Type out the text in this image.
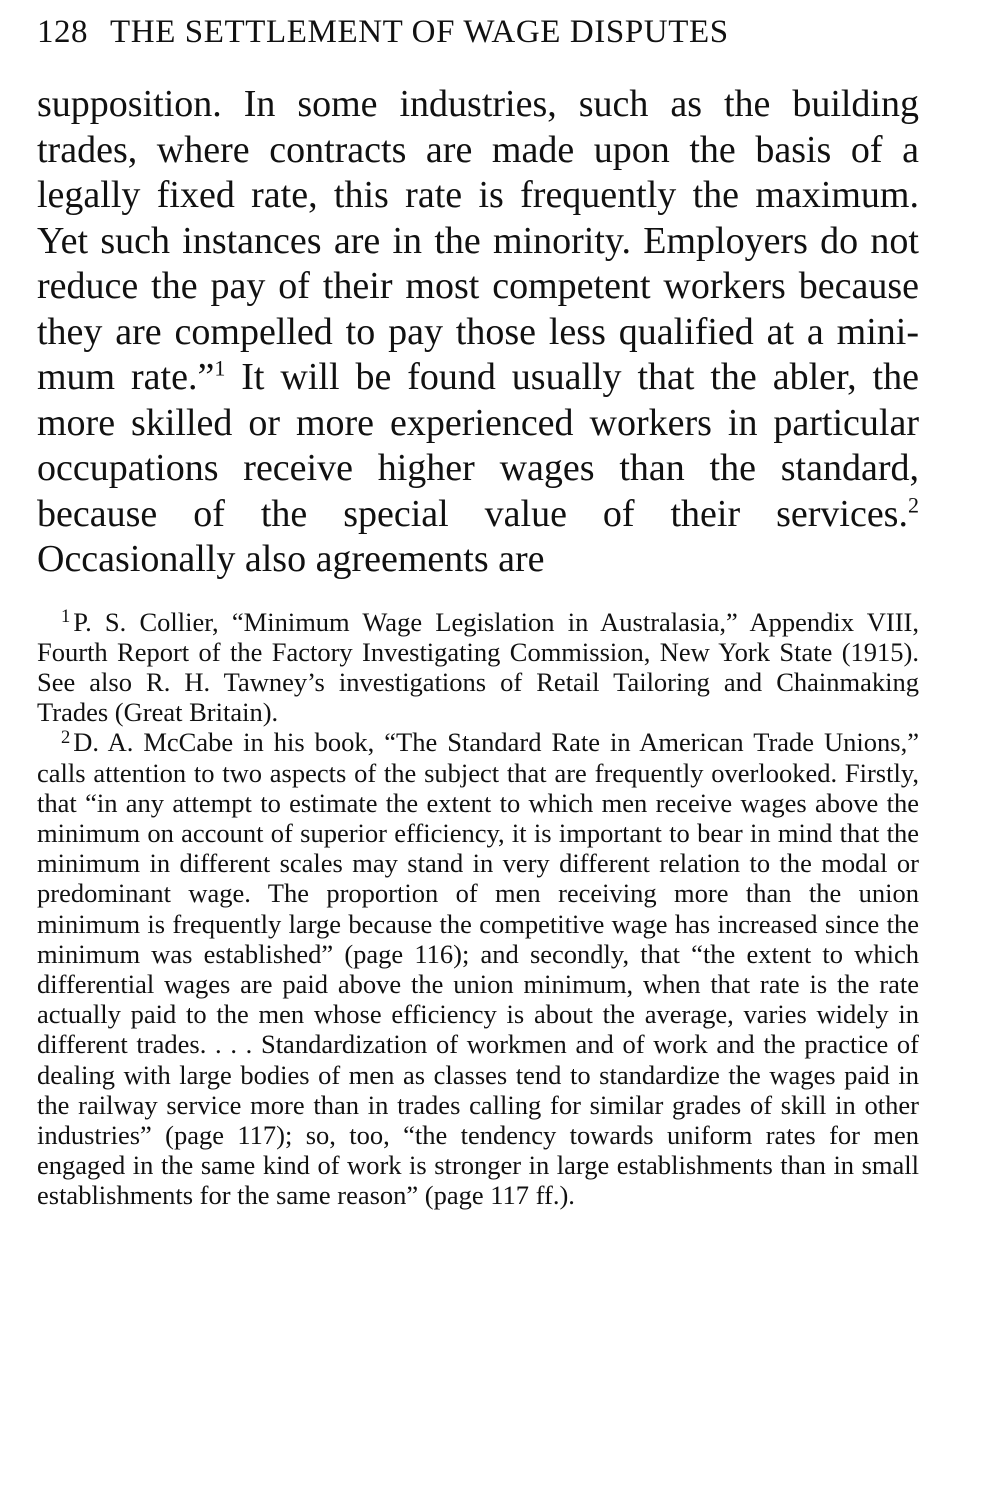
128 THE SETTLEMENT OF WAGE DISPUTES

supposition. In some industries, such as the building trades, where contracts are made upon the basis of a legally fixed rate, this rate is frequently the maximum. Yet such instances are in the minority. Employers do not reduce the pay of their most competent workers because they are compelled to pay those less qualified at a minimum rate.”$^1$ It will be found usually that the abler, the more skilled or more experienced workers in particular occupations receive higher wages than the standard, because of the special value of their services.$^2$ Occasionally also agreements are

$^1$ P. S. Collier, “Minimum Wage Legislation in Australasia,” Appendix VIII, Fourth Report of the Factory Investigating Commission, New York State (1915). See also R. H. Tawney’s investigations of Retail Tailoring and Chainmaking Trades (Great Britain).

$^2$ D. A. McCabe in his book, “The Standard Rate in American Trade Unions,” calls attention to two aspects of the subject that are frequently overlooked. Firstly, that “in any attempt to estimate the extent to which men receive wages above the minimum on account of superior efficiency, it is important to bear in mind that the minimum in different scales may stand in very different relation to the modal or predominant wage. The proportion of men receiving more than the union minimum is frequently large because the competitive wage has increased since the minimum was established” (page 116); and secondly, that “the extent to which differential wages are paid above the union minimum, when that rate is the rate actually paid to the men whose efficiency is about the average, varies widely in different trades. . . . Standardization of workmen and of work and the practice of dealing with large bodies of men as classes tend to standardize the wages paid in the railway service more than in trades calling for similar grades of skill in other industries” (page 117); so, too, “the tendency towards uniform rates for men engaged in the same kind of work is stronger in large establishments than in small establishments for the same reason” (page 117 ff.).
